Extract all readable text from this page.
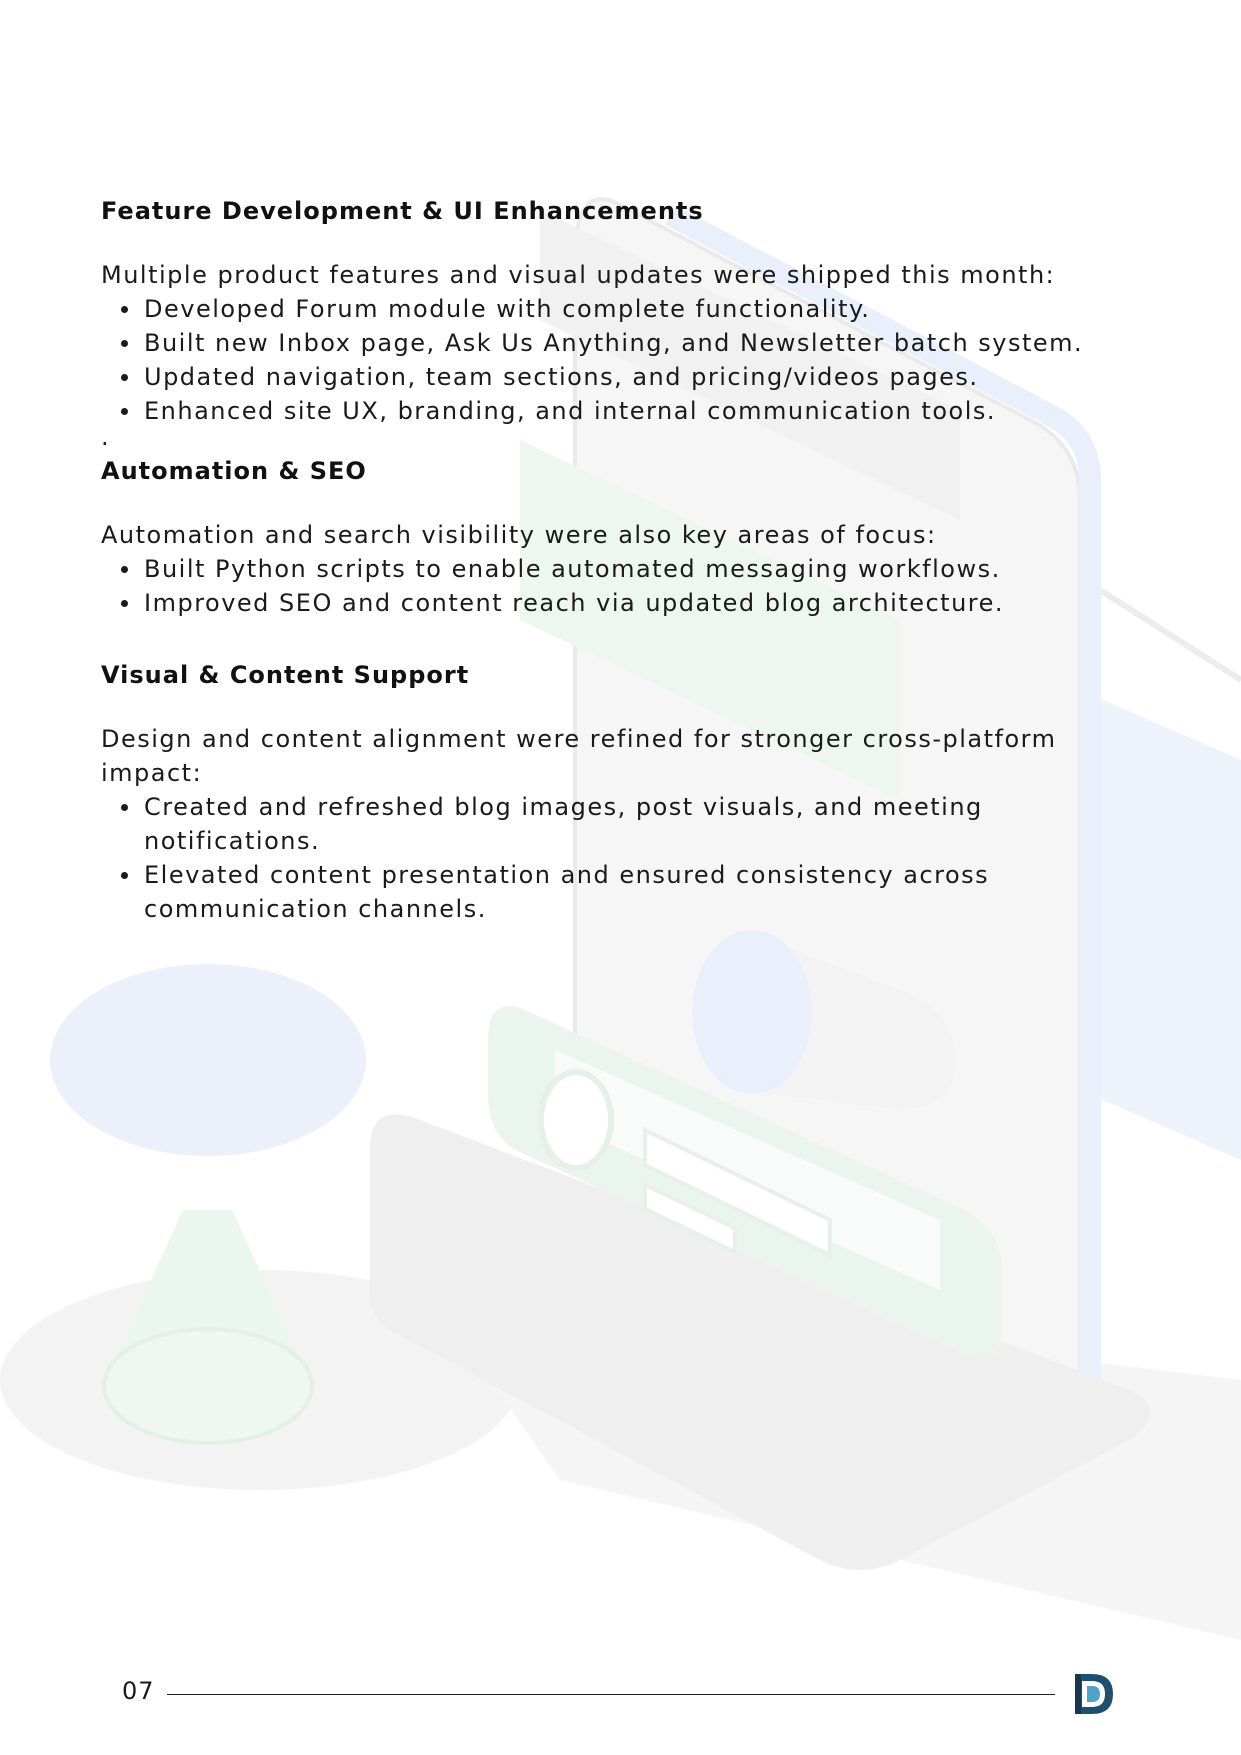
Feature Development & UI Enhancements

Multiple product features and visual updates were shipped this month:

Developed Forum module with complete functionality.
Built new Inbox page, Ask Us Anything, and Newsletter batch system.
Updated navigation, team sections, and pricing/videos pages.
Enhanced site UX, branding, and internal communication tools.

.

Automation & SEO

Automation and search visibility were also key areas of focus:

Built Python scripts to enable automated messaging workflows.
Improved SEO and content reach via updated blog architecture.
Visual & Content Support

Design and content alignment were refined for stronger cross-platform impact:

Created and refreshed blog images, post visuals, and meeting notifications.
Elevated content presentation and ensured consistency across communication channels.
07
